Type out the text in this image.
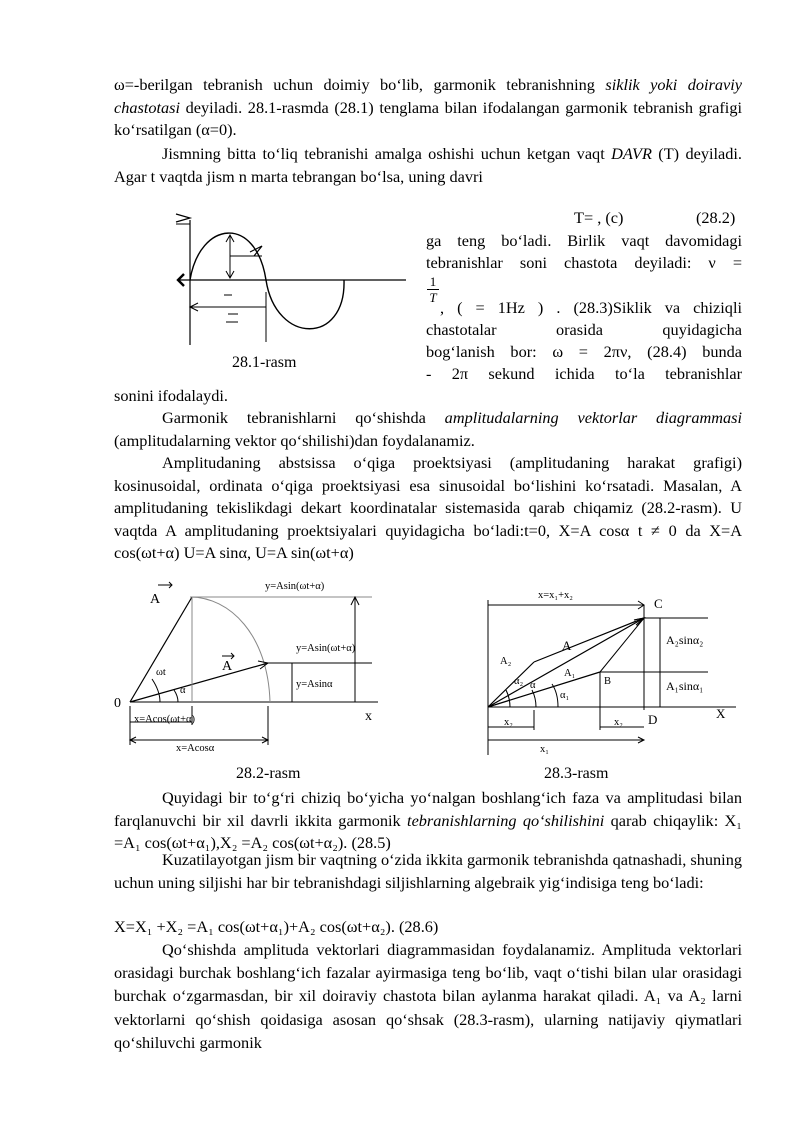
ω=-berilgan tebranish uchun doimiy bo‘lib, garmonik tebranishning siklik yoki doiraviy chastotasi deyiladi. 28.1-rasmda (28.1) tenglama bilan ifodalangan garmonik tebranish grafigi ko‘rsatilgan (α=0).

Jismning bitta to‘liq tebranishi amalga oshishi uchun ketgan vaqt DAVR (T) deyiladi. Agar t vaqtda jism n marta tebrangan bo‘lsa, uning davri

28.1-rasm
T= , (c)	(28.2)
ga teng bo‘ladi. Birlik vaqt davomidagi
tebranishlar soni chastota deyiladi: ν =
$\frac{1}{T}$
, ( = 1Hz ) . (28.3)Siklik va chiziqli
chastotalar orasida quyidagicha
bog‘lanish bor: ω = 2πν, (28.4) bunda
- 2π sekund ichida to‘la tebranishlar
sonini ifodalaydi.

Garmonik tebranishlarni qo‘shishda amplitudalarning vektorlar diagrammasi (amplitudalarning vektor qo‘shilishi)dan foydalanamiz.

Amplitudaning abstsissa o‘qiga proektsiyasi (amplitudaning harakat grafigi) kosinusoidal, ordinata o‘qiga proektsiyasi esa sinusoidal bo‘lishini ko‘rsatadi. Masalan, A amplitudaning tekislikdagi dekart koordinatalar sistemasida qarab chiqamiz (28.2-rasm). U vaqtda A amplitudaning proektsiyalari quyidagicha bo‘ladi:t=0, X=A cosα t ≠ 0 da X=A cos(ωt+α) U=A sinα, U=A sin(ωt+α)

A
A
y=Asin(ωt+α)
y=Asin(ωt+α)
y=Asinα
ωt
α
0
x
x=Acos(ωt+α)
x=Acosα
28.2-rasm
x=x₁+x₂
C
A
A₂
A₁
α₂ α
α₁
B
D	X
A₂sinα₂
A₁sinα₁
x₂	x₂
x₁
28.3-rasm

Quyidagi bir to‘g‘ri chiziq bo‘yicha yo‘nalgan boshlang‘ich faza va amplitudasi bilan farqlanuvchi bir xil davrli ikkita garmonik tebranishlarning qo‘shilishini qarab chiqaylik: X₁ =A₁ cos(ωt+α₁),X₂ =A₂ cos(ωt+α₂). (28.5)

Kuzatilayotgan jism bir vaqtning o‘zida ikkita garmonik tebranishda qatnashadi, shuning uchun uning siljishi har bir tebranishdagi siljishlarning algebraik yig‘indisiga teng bo‘ladi:

X=X₁ +X₂ =A₁ cos(ωt+α₁)+A₂ cos(ωt+α₂). (28.6)

Qo‘shishda amplituda vektorlari diagrammasidan foydalanamiz. Amplituda vektorlari orasidagi burchak boshlang‘ich fazalar ayirmasiga teng bo‘lib, vaqt o‘tishi bilan ular orasidagi burchak o‘zgarmasdan, bir xil doiraviy chastota bilan aylanma harakat qiladi. A₁ va A₂ larni vektorlarni qo‘shish qoidasiga asosan qo‘shsak (28.3-rasm), ularning natijaviy qiymatlari qo‘shiluvchi garmonik
